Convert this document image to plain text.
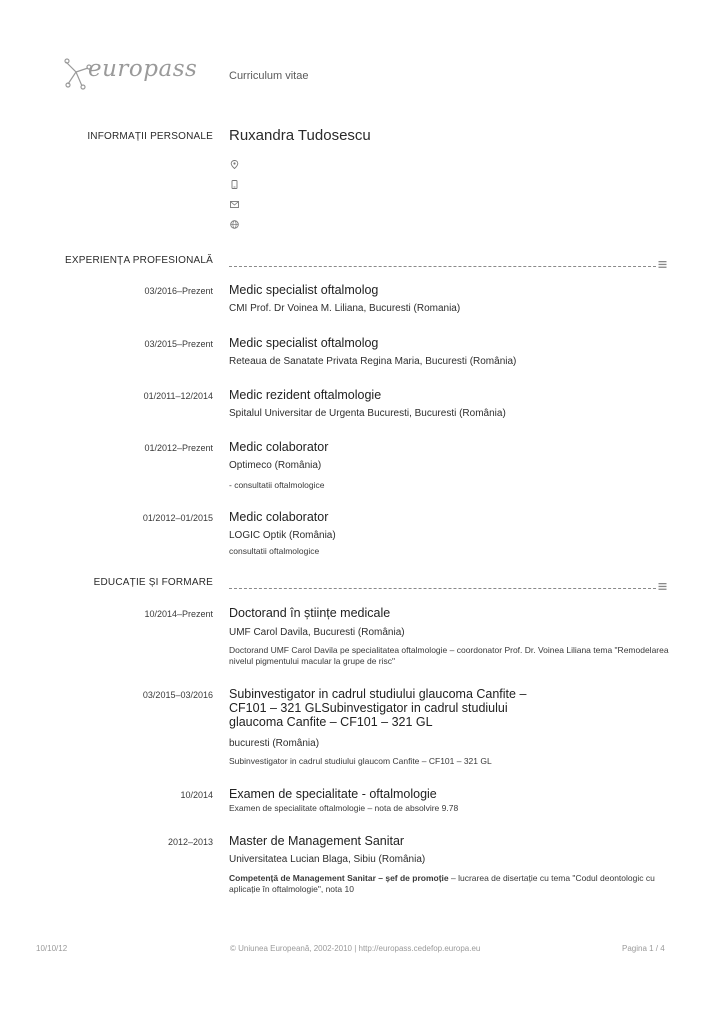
europass	Curriculum vitae
INFORMAȚII PERSONALE Ruxandra Tudosescu
EXPERIENȚA PROFESIONALĂ
03/2016–Prezent Medic specialist oftalmolog
CMI Prof. Dr Voinea M. Liliana, Bucuresti (Romania)
03/2015–Prezent Medic specialist oftalmolog
Reteaua de Sanatate Privata Regina Maria, Bucuresti (România)
01/2011–12/2014 Medic rezident oftalmologie
Spitalul Universitar de Urgenta Bucuresti, Bucuresti (România)
01/2012–Prezent Medic colaborator
Optimeco (România)
- consultatii oftalmologice
01/2012–01/2015 Medic colaborator
LOGIC Optik (România)
consultatii oftalmologice
EDUCAȚIE ȘI FORMARE
10/2014–Prezent Doctorand în științe medicale
UMF Carol Davila, Bucuresti (România)
Doctorand UMF Carol Davila pe specialitatea oftalmologie – coordonator Prof. Dr. Voinea Liliana tema "Remodelarea nivelul pigmentului macular la grupe de risc"
03/2015–03/2016 Subinvestigator in cadrul studiului glaucoma Canfite – CF101 – 321 GLSubinvestigator in cadrul studiului glaucoma Canfite – CF101 – 321 GL
bucuresti (România)
Subinvestigator in cadrul studiului glaucom Canfite – CF101 – 321 GL
10/2014 Examen de specialitate - oftalmologie
Examen de specialitate oftalmologie – nota de absolvire 9.78
2012–2013 Master de Management Sanitar
Universitatea Lucian Blaga, Sibiu (România)
Competență de Management Sanitar – șef de promoție – lucrarea de disertație cu tema "Codul deontologic cu aplicație în oftalmologie", nota 10
10/10/12	© Uniunea Europeană, 2002-2010 | http://europass.cedefop.europa.eu	Pagina 1 / 4
